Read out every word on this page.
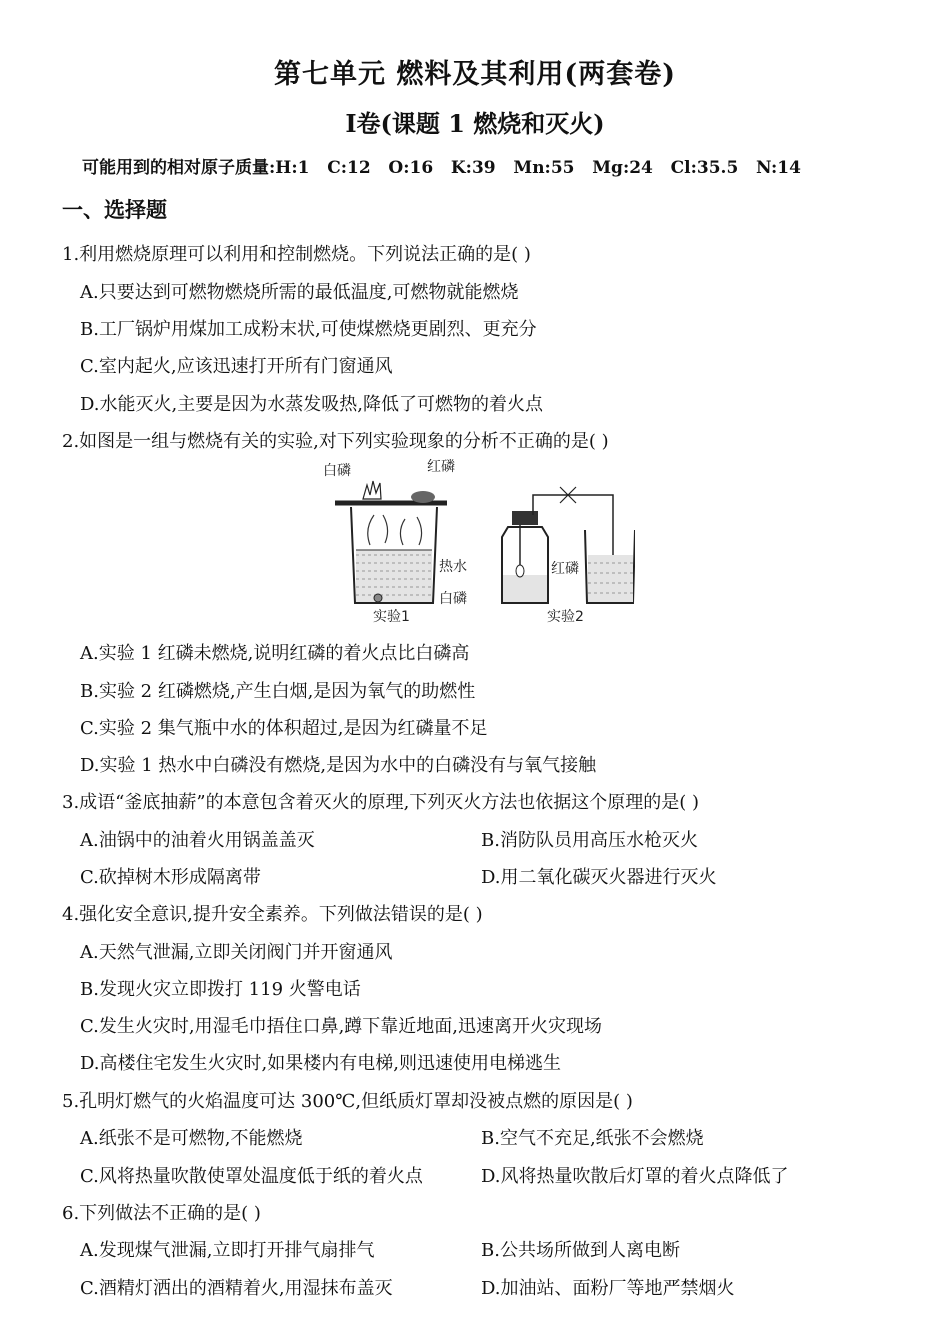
第七单元 燃料及其利用(两套卷)
Ⅰ卷(课题 1 燃烧和灭火)
可能用到的相对原子质量:H:1   C:12   O:16   K:39   Mn:55   Mg:24   Cl:35.5   N:14
一、选择题
1.利用燃烧原理可以利用和控制燃烧。下列说法正确的是( )
A.只要达到可燃物燃烧所需的最低温度,可燃物就能燃烧
B.工厂锅炉用煤加工成粉末状,可使煤燃烧更剧烈、更充分
C.室内起火,应该迅速打开所有门窗通风
D.水能灭火,主要是因为水蒸发吸热,降低了可燃物的着火点
2.如图是一组与燃烧有关的实验,对下列实验现象的分析不正确的是( )
白磷	红磷
热水
白磷
实验1
红磷
实验2
A.实验 1 红磷未燃烧,说明红磷的着火点比白磷高
B.实验 2 红磷燃烧,产生白烟,是因为氧气的助燃性
C.实验 2 集气瓶中水的体积超过,是因为红磷量不足
D.实验 1 热水中白磷没有燃烧,是因为水中的白磷没有与氧气接触
3.成语“釜底抽薪”的本意包含着灭火的原理,下列灭火方法也依据这个原理的是( )
A.油锅中的油着火用锅盖盖灭	B.消防队员用高压水枪灭火
C.砍掉树木形成隔离带	D.用二氧化碳灭火器进行灭火
4.强化安全意识,提升安全素养。下列做法错误的是( )
A.天然气泄漏,立即关闭阀门并开窗通风
B.发现火灾立即拨打 119 火警电话
C.发生火灾时,用湿毛巾捂住口鼻,蹲下靠近地面,迅速离开火灾现场
D.高楼住宅发生火灾时,如果楼内有电梯,则迅速使用电梯逃生
5.孔明灯燃气的火焰温度可达 300℃,但纸质灯罩却没被点燃的原因是( )
A.纸张不是可燃物,不能燃烧	B.空气不充足,纸张不会燃烧
C.风将热量吹散使罩处温度低于纸的着火点	D.风将热量吹散后灯罩的着火点降低了
6.下列做法不正确的是( )
A.发现煤气泄漏,立即打开排气扇排气	B.公共场所做到人离电断
C.酒精灯洒出的酒精着火,用湿抹布盖灭	D.加油站、面粉厂等地严禁烟火
